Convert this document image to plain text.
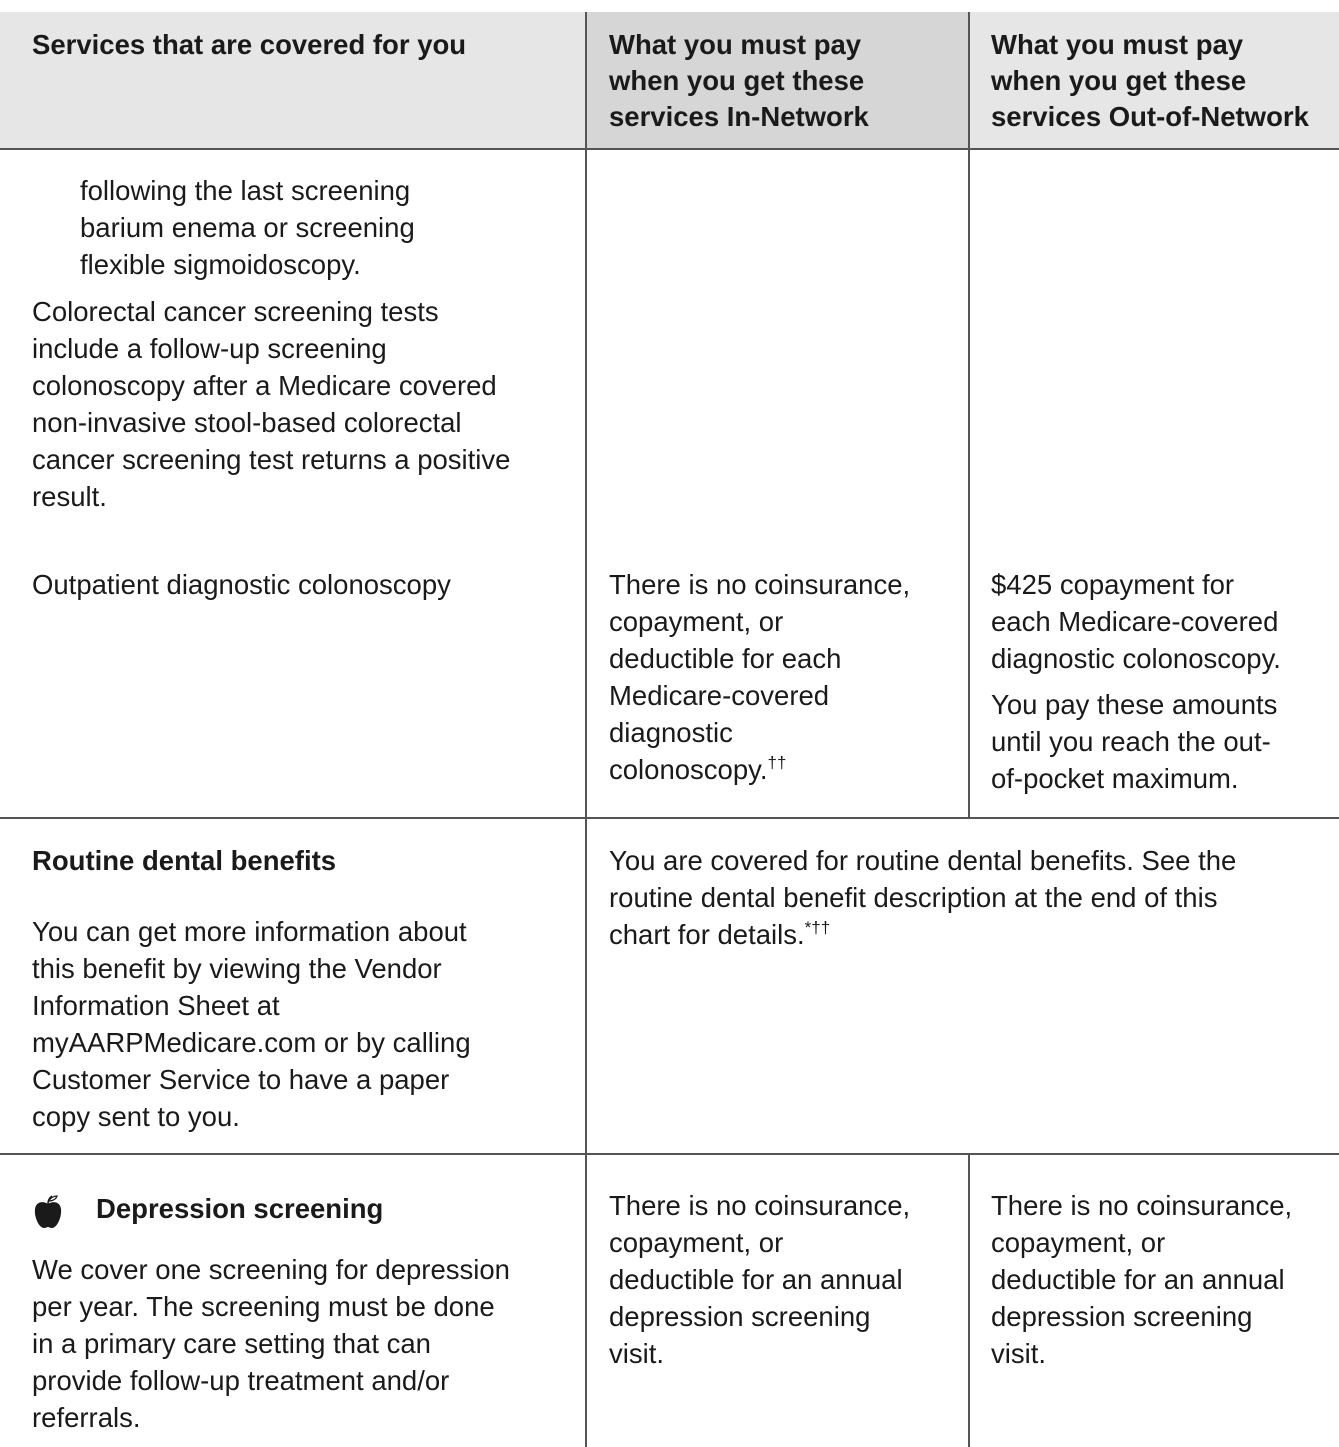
Services that are covered for you	What you must pay
when you get these
services In-Network
What you must pay
when you get these
services Out-of-Network
following the last screening
barium enema or screening
flexible sigmoidoscopy.
Colorectal cancer screening tests
include a follow-up screening
colonoscopy after a Medicare covered
non-invasive stool-based colorectal
cancer screening test returns a positive
result.
Outpatient diagnostic colonoscopy	There is no coinsurance,
copayment, or
deductible for each
Medicare-covered
diagnostic
colonoscopy.††
$425 copayment for
each Medicare-covered
diagnostic colonoscopy.
You pay these amounts
until you reach the out-
of-pocket maximum.
Routine dental benefits
You can get more information about
this benefit by viewing the Vendor
Information Sheet at
myAARPMedicare.com or by calling
Customer Service to have a paper
copy sent to you.
You are covered for routine dental benefits. See the
routine dental benefit description at the end of this
chart for details.*††
Depression screening
We cover one screening for depression
per year. The screening must be done
in a primary care setting that can
provide follow-up treatment and/or
referrals.
There is no coinsurance,
copayment, or
deductible for an annual
depression screening
visit.
There is no coinsurance,
copayment, or
deductible for an annual
depression screening
visit.
